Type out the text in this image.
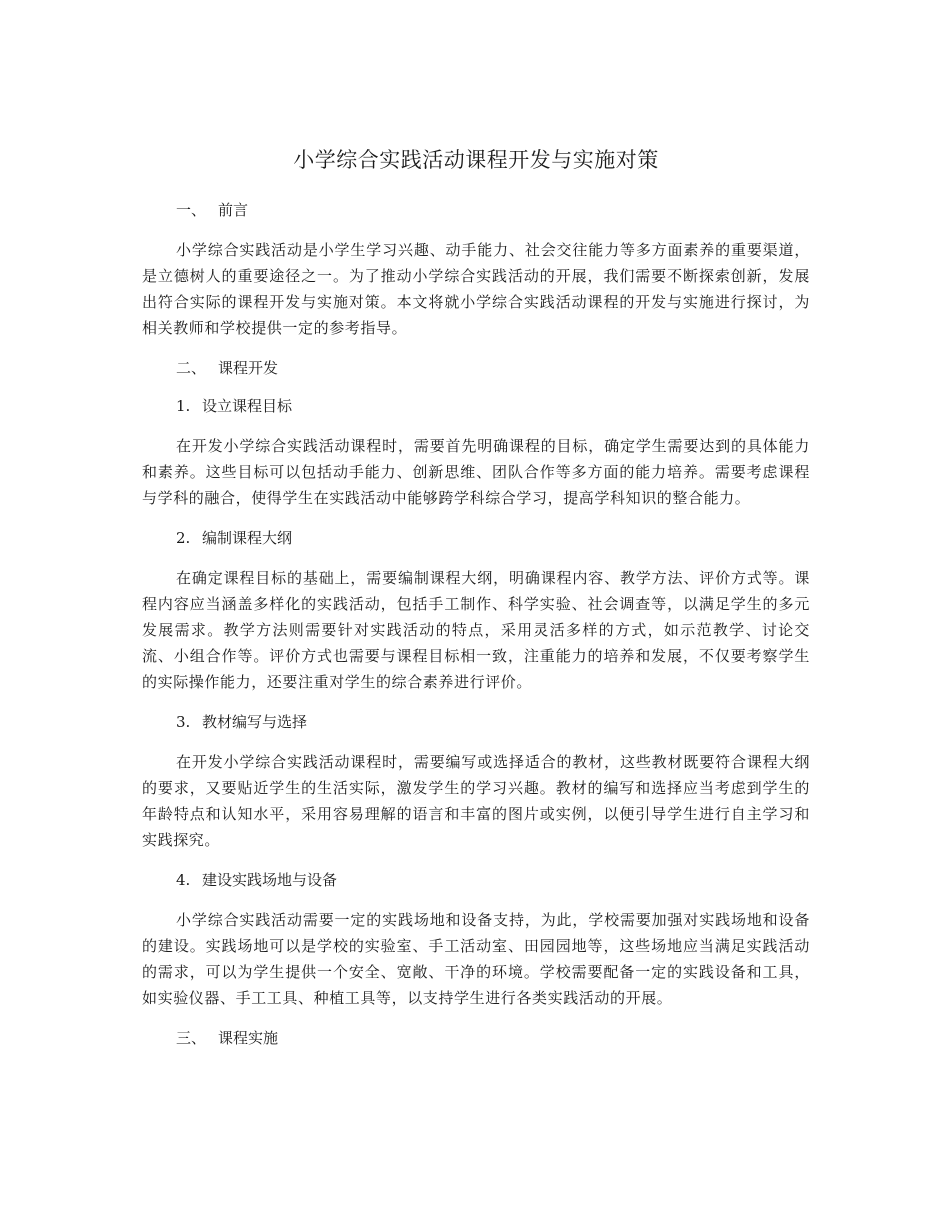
小学综合实践活动课程开发与实施对策
一、 前言

小学综合实践活动是小学生学习兴趣、动手能力、社会交往能力等多方面素养的重要渠道，是立德树人的重要途径之一。为了推动小学综合实践活动的开展，我们需要不断探索创新，发展出符合实际的课程开发与实施对策。本文将就小学综合实践活动课程的开发与实施进行探讨，为相关教师和学校提供一定的参考指导。

二、 课程开发
1. 设立课程目标

在开发小学综合实践活动课程时，需要首先明确课程的目标，确定学生需要达到的具体能力和素养。这些目标可以包括动手能力、创新思维、团队合作等多方面的能力培养。需要考虑课程与学科的融合，使得学生在实践活动中能够跨学科综合学习，提高学科知识的整合能力。

2. 编制课程大纲

在确定课程目标的基础上，需要编制课程大纲，明确课程内容、教学方法、评价方式等。课程内容应当涵盖多样化的实践活动，包括手工制作、科学实验、社会调查等，以满足学生的多元发展需求。教学方法则需要针对实践活动的特点，采用灵活多样的方式，如示范教学、讨论交流、小组合作等。评价方式也需要与课程目标相一致，注重能力的培养和发展，不仅要考察学生的实际操作能力，还要注重对学生的综合素养进行评价。

3. 教材编写与选择

在开发小学综合实践活动课程时，需要编写或选择适合的教材，这些教材既要符合课程大纲的要求，又要贴近学生的生活实际，激发学生的学习兴趣。教材的编写和选择应当考虑到学生的年龄特点和认知水平，采用容易理解的语言和丰富的图片或实例，以便引导学生进行自主学习和实践探究。

4. 建设实践场地与设备

小学综合实践活动需要一定的实践场地和设备支持，为此，学校需要加强对实践场地和设备的建设。实践场地可以是学校的实验室、手工活动室、田园园地等，这些场地应当满足实践活动的需求，可以为学生提供一个安全、宽敞、干净的环境。学校需要配备一定的实践设备和工具，如实验仪器、手工工具、种植工具等，以支持学生进行各类实践活动的开展。

三、 课程实施
